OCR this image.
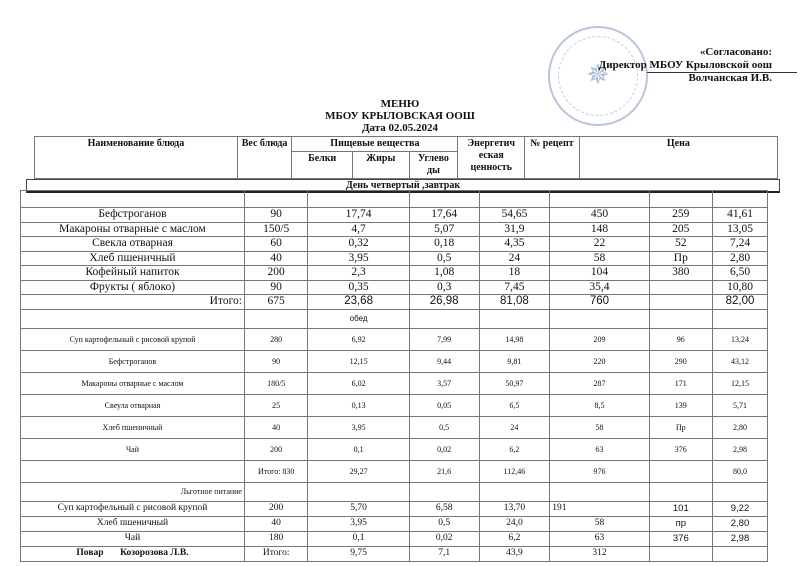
✵
«Согласовано:
Директор МБОУ Крыловской оош
Волчанская И.В.
МЕНЮ
МБОУ КРЫЛОВСКАЯ ООШ
Дата 02.05.2024
Наименование блюда	Вес блюда	Пищевые вещества			Энергетич еская ценность	№ рецепт	Цена
		Белки	Жиры	Углево ды			
День четвертый ,завтрак

Бефстроганов	90	17,74	17,64	54,65	450	259	41,61
Макароны отварные с маслом	150/5	4,7	5,07	31,9	148	205	13,05
Свекла отварная	60	0,32	0,18	4,35	22	52	7,24
Хлеб пшеничный	40	3,95	0,5	24	58	Пр	2,80
Кофейный напиток	200	2,3	1,08	18	104	380	6,50
Фрукты ( яблоко)	90	0,35	0,3	7,45	35,4		10,80
Итого:	675	23,68	26,98	81,08	760		82,00
		обед					
Суп картофельный с рисовой крупой	280	6,92	7,99	14,98	209	96	13,24
Бефстроганов	90	12,15	9,44	9,81	220	290	43,12
Макароны отварные с маслом	180/5	6,02	3,57	50,97	287	171	12,15
Свеула отварная	25	0,13	0,05	6,5	8,5	139	5,71
Хлеб пшеничный	40	3,95	0,5	24	58	Пр	2,80
Чай	200	0,1	0,02	6,2	63	376	2,98
	Итого: 830	29,27	21,6	112,46	976		80,0
Льготное питание							
Суп картофельный с рисовой крупой	200	5,70	6,58	13,70	191	101	9,22
Хлеб пшеничный	40	3,95	0,5	24,0	58	пр	2,80
Чай	180	0,1	0,02	6,2	63	376	2,98
Повар Козорозова Л.В.	Итого:	9,75	7,1	43,9	312		
